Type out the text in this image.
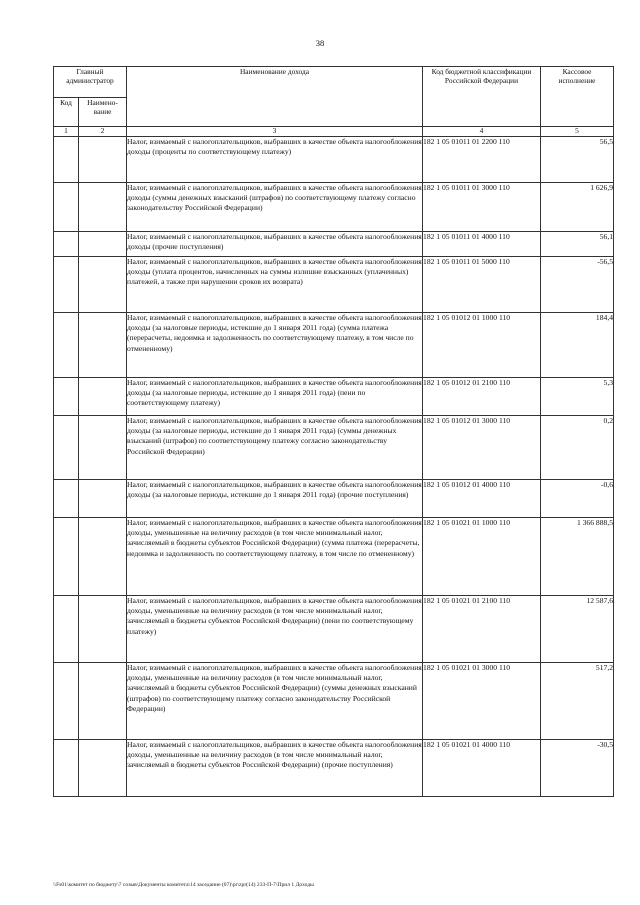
38
Главный администратор		Наименование дохода	Код бюджетной классификации Российской Федерации	Кассовое исполнение
Код	Наимено-вание			
1	2	3	4	5
		Налог, взимаемый с налогоплательщиков, выбравших в качестве объекта налогообложения доходы (проценты по соответствующему платежу)	182 1 05 01011 01 2200 110	56,5
		Налог, взимаемый с налогоплательщиков, выбравших в качестве объекта налогообложения доходы (суммы денежных взысканий (штрафов) по соответствующему платежу согласно законодательству Российской Федерации)	182 1 05 01011 01 3000 110	1 626,9
		Налог, взимаемый с налогоплательщиков, выбравших в качестве объекта налогообложения доходы (прочие поступления)	182 1 05 01011 01 4000 110	56,1
		Налог, взимаемый с налогоплательщиков, выбравших в качестве объекта налогообложения доходы (уплата процентов, начисленных на суммы излишне взысканных (уплаченных) платежей, а также при нарушении сроков их возврата)	182 1 05 01011 01 5000 110	-56,5
		Налог, взимаемый с налогоплательщиков, выбравших в качестве объекта налогообложения доходы (за налоговые периоды, истекшие до 1 января 2011 года) (сумма платежа (перерасчеты, недоимка и задолженность по соответствующему платежу, в том числе по отмененному)	182 1 05 01012 01 1000 110	184,4
		Налог, взимаемый с налогоплательщиков, выбравших в качестве объекта налогообложения доходы (за налоговые периоды, истекшие до 1 января 2011 года) (пени по соответствующему платежу)	182 1 05 01012 01 2100 110	5,3
		Налог, взимаемый с налогоплательщиков, выбравших в качестве объекта налогообложения доходы (за налоговые периоды, истекшие до 1 января 2011 года) (суммы денежных взысканий (штрафов) по соответствующему платежу согласно законодательству Российской Федерации)	182 1 05 01012 01 3000 110	0,2
		Налог, взимаемый с налогоплательщиков, выбравших в качестве объекта налогообложения доходы (за налоговые периоды, истекшие до 1 января 2011 года) (прочие поступления)	182 1 05 01012 01 4000 110	-0,6
		Налог, взимаемый с налогоплательщиков, выбравших в качестве объекта налогообложения доходы, уменьшенные на величину расходов (в том числе минимальный налог, зачисляемый в бюджеты субъектов Российской Федерации) (сумма платежа (перерасчеты, недоимка и задолженность по соответствующему платежу, в том числе по отмененному)	182 1 05 01021 01 1000 110	1 366 888,5
		Налог, взимаемый с налогоплательщиков, выбравших в качестве объекта налогообложения доходы, уменьшенные на величину расходов (в том числе минимальный налог, зачисляемый в бюджеты субъектов Российской Федерации) (пени по соответствующему платежу)	182 1 05 01021 01 2100 110	12 587,6
		Налог, взимаемый с налогоплательщиков, выбравших в качестве объекта налогообложения доходы, уменьшенные на величину расходов (в том числе минимальный налог, зачисляемый в бюджеты субъектов Российской Федерации) (суммы денежных взысканий (штрафов) по соответствующему платежу согласно законодательству Российской Федерации)	182 1 05 01021 01 3000 110	517,2
		Налог, взимаемый с налогоплательщиков, выбравших в качестве объекта налогообложения доходы, уменьшенные на величину расходов (в том числе минимальный налог, зачисляемый в бюджеты субъектов Российской Федерации) (прочие поступления)	182 1 05 01021 01 4000 110	-30,5
\\Fs01\комитет по бюджету\7 созыв\Документы комитета\14 заседание (07)\pr\zpr(14) 233-П-7\Прил 1 Доходы
